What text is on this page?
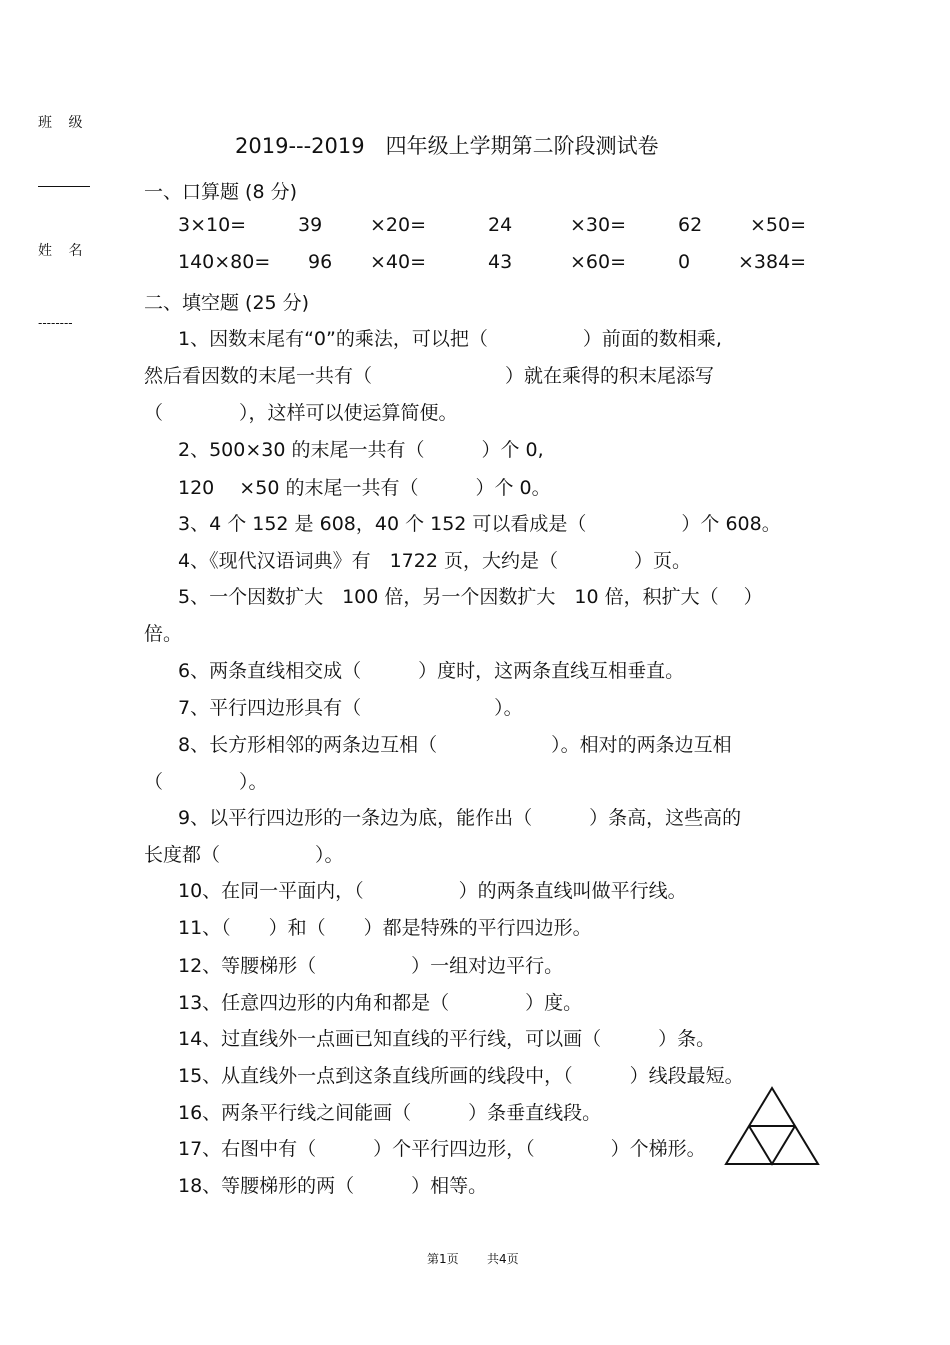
班 级
姓 名
--------
2019---2019　四年级上学期第二阶段测试卷
一、口算题 (8 分)
3×10=	39	×20=	24	×30=	62	×50=
140×80= 96 ×40=	43	×60=	0	×384=
二、填空题 (25 分)
1、因数末尾有“0”的乘法，可以把（　　　　　）前面的数相乘,
然后看因数的末尾一共有（　　　　　　　）就在乘得的积末尾添写
（　　　　），这样可以使运算简便。
2、500×30 的末尾一共有（　　　）个 0,
120　 ×50 的末尾一共有（　　　）个 0。
3、4 个 152 是 608，40 个 152 可以看成是（　　　　　）个 608。
4、《现代汉语词典》有　1722 页，大约是（　　　　）页。
5、一个因数扩大　100 倍，另一个因数扩大　10 倍，积扩大（　 ）
倍。
6、两条直线相交成（　　　）度时，这两条直线互相垂直。
7、平行四边形具有（　　　　　　　）。
8、长方形相邻的两条边互相（　　　　　　）。相对的两条边互相
（　　　　）。
9、以平行四边形的一条边为底，能作出（　　　）条高，这些高的
长度都（　　　　　）。
10、在同一平面内，（　　　　　）的两条直线叫做平行线。
11、（　　）和（　　）都是特殊的平行四边形。
12、等腰梯形（　　　　　）一组对边平行。
13、任意四边形的内角和都是（　　　　）度。
14、过直线外一点画已知直线的平行线，可以画（　　　）条。
15、从直线外一点到这条直线所画的线段中，（　　　）线段最短。
16、两条平行线之间能画（　　　）条垂直线段。
17、右图中有（　　　）个平行四边形，（　　　　）个梯形。
18、等腰梯形的两（　　　）相等。
第1页 共4页
